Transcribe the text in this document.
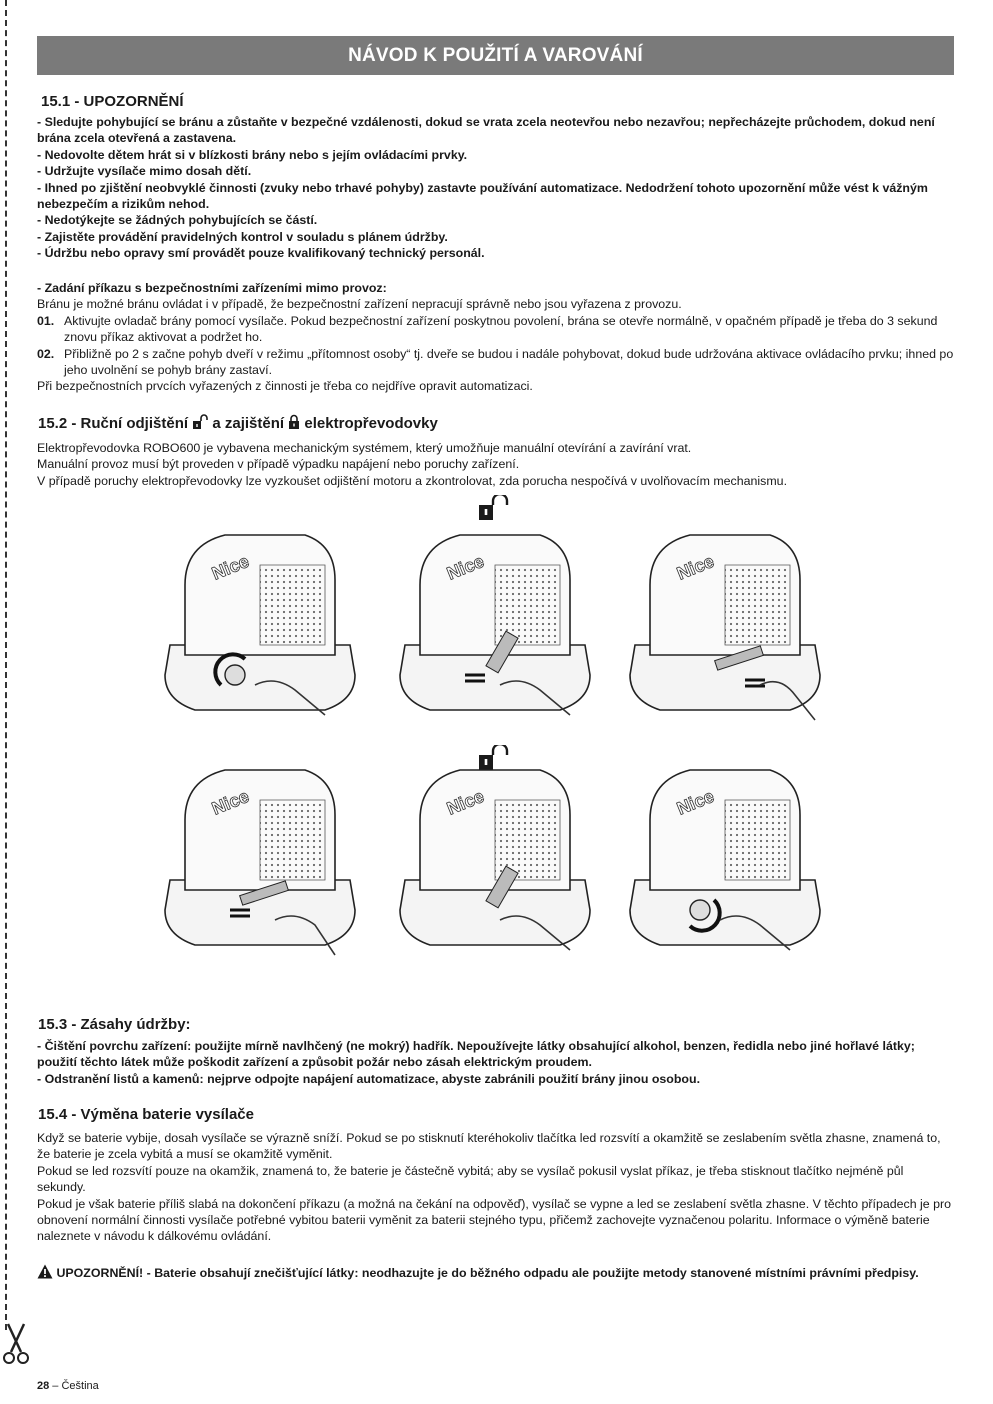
NÁVOD K POUŽITÍ A VAROVÁNÍ
15.1 - UPOZORNĚNÍ

- Sledujte pohybující se bránu a zůstaňte v bezpečné vzdálenosti, dokud se vrata zcela neotevřou nebo nezavřou; nepřecházejte průchodem, dokud není brána zcela otevřená a zastavena.

- Nedovolte dětem hrát si v blízkosti brány nebo s jejím ovládacími prvky.

- Udržujte vysílače mimo dosah dětí.

- Ihned po zjištění neobvyklé činnosti (zvuky nebo trhavé pohyby) zastavte používání automatizace. Nedodržení tohoto upozornění může vést k vážným nebezpečím a rizikům nehod.

- Nedotýkejte se žádných pohybujících se částí.

- Zajistěte provádění pravidelných kontrol v souladu s plánem údržby.

- Údržbu nebo opravy smí provádět pouze kvalifikovaný technický personál.

- Zadání příkazu s bezpečnostními zařízeními mimo provoz:

Bránu je možné bránu ovládat i v případě, že bezpečnostní zařízení nepracují správně nebo jsou vyřazena z provozu.

01. Aktivujte ovladač brány pomocí vysílače. Pokud bezpečnostní zařízení poskytnou povolení, brána se otevře normálně, v opačném případě je třeba do 3 sekund znovu příkaz aktivovat a podržet ho.
02. Přibližně po 2 s začne pohyb dveří v režimu „přítomnost osoby“ tj. dveře se budou i nadále pohybovat, dokud bude udržována aktivace ovládacího prvku; ihned po jeho uvolnění se pohyb brány zastaví.

Při bezpečnostních prvcích vyřazených z činnosti je třeba co nejdříve opravit automatizaci.

15.2 - Ruční odjištění a zajištění elektropřevodovky

Elektropřevodovka ROBO600 je vybavena mechanickým systémem, který umožňuje manuální otevírání a zavírání vrat.

Manuální provoz musí být proveden v případě výpadku napájení nebo poruchy zařízení.

V případě poruchy elektropřevodovky lze vyzkoušet odjištění motoru a zkontrolovat, zda porucha nespočívá v uvolňovacím mechanismu.

Nice	Nice	Nice
Nice	Nice	Nice
15.3 - Zásahy údržby:

- Čištění povrchu zařízení: použijte mírně navlhčený (ne mokrý) hadřík. Nepoužívejte látky obsahující alkohol, benzen, ředidla nebo jiné hořlavé látky; použití těchto látek může poškodit zařízení a způsobit požár nebo zásah elektrickým proudem.

- Odstranění listů a kamenů: nejprve odpojte napájení automatizace, abyste zabránili použití brány jinou osobou.

15.4 - Výměna baterie vysílače

Když se baterie vybije, dosah vysílače se výrazně sníží. Pokud se po stisknutí kteréhokoliv tlačítka led rozsvítí a okamžitě se zeslabením světla zhasne, znamená to, že baterie je zcela vybitá a musí se okamžitě vyměnit.

Pokud se led rozsvítí pouze na okamžik, znamená to, že baterie je částečně vybitá; aby se vysílač pokusil vyslat příkaz, je třeba stisknout tlačítko nejméně půl sekundy.

Pokud je však baterie příliš slabá na dokončení příkazu (a možná na čekání na odpověď), vysílač se vypne a led se zeslabení světla zhasne. V těchto případech je pro obnovení normální činnosti vysílače potřebné vybitou baterii vyměnit za baterii stejného typu, přičemž zachovejte vyznačenou polaritu. Informace o výměně baterie naleznete v návodu k dálkovému ovládání.

UPOZORNĚNÍ! - Baterie obsahují znečišťující látky: neodhazujte je do běžného odpadu ale použijte metody stanovené místními právními předpisy.

28 – Čeština
